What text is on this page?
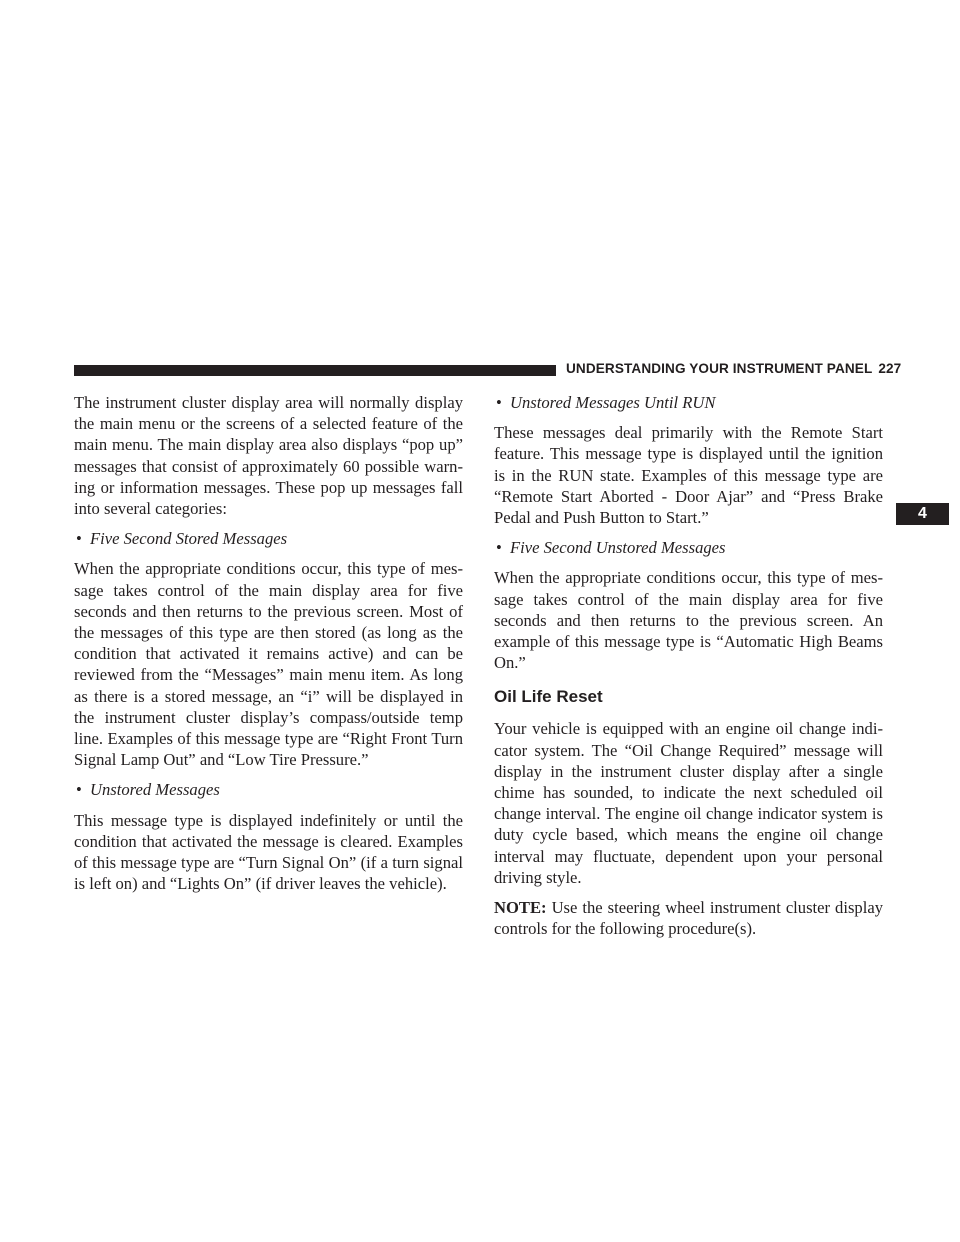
UNDERSTANDING YOUR INSTRUMENT PANEL 227
4

The instrument cluster display area will normally display the main menu or the screens of a selected feature of the main menu. The main display area also displays “pop up” messages that consist of approximately 60 possible warn-ing or information messages. These pop up messages fall into several categories:

• Five Second Stored Messages

When the appropriate conditions occur, this type of mes-sage takes control of the main display area for five seconds and then returns to the previous screen. Most of the messages of this type are then stored (as long as the condition that activated it remains active) and can be reviewed from the “Messages” main menu item. As long as there is a stored message, an “i” will be displayed in the instrument cluster display’s compass/outside temp line. Examples of this message type are “Right Front Turn Signal Lamp Out” and “Low Tire Pressure.”

• Unstored Messages

This message type is displayed indefinitely or until the condition that activated the message is cleared. Examples of this message type are “Turn Signal On” (if a turn signal is left on) and “Lights On” (if driver leaves the vehicle).

• Unstored Messages Until RUN

These messages deal primarily with the Remote Start feature. This message type is displayed until the ignition is in the RUN state. Examples of this message type are “Remote Start Aborted - Door Ajar” and “Press Brake Pedal and Push Button to Start.”

• Five Second Unstored Messages

When the appropriate conditions occur, this type of mes-sage takes control of the main display area for five seconds and then returns to the previous screen. An example of this message type is “Automatic High Beams On.”

Oil Life Reset

Your vehicle is equipped with an engine oil change indi-cator system. The “Oil Change Required” message will display in the instrument cluster display after a single chime has sounded, to indicate the next scheduled oil change interval. The engine oil change indicator system is duty cycle based, which means the engine oil change interval may fluctuate, dependent upon your personal driving style.

NOTE: Use the steering wheel instrument cluster display controls for the following procedure(s).
